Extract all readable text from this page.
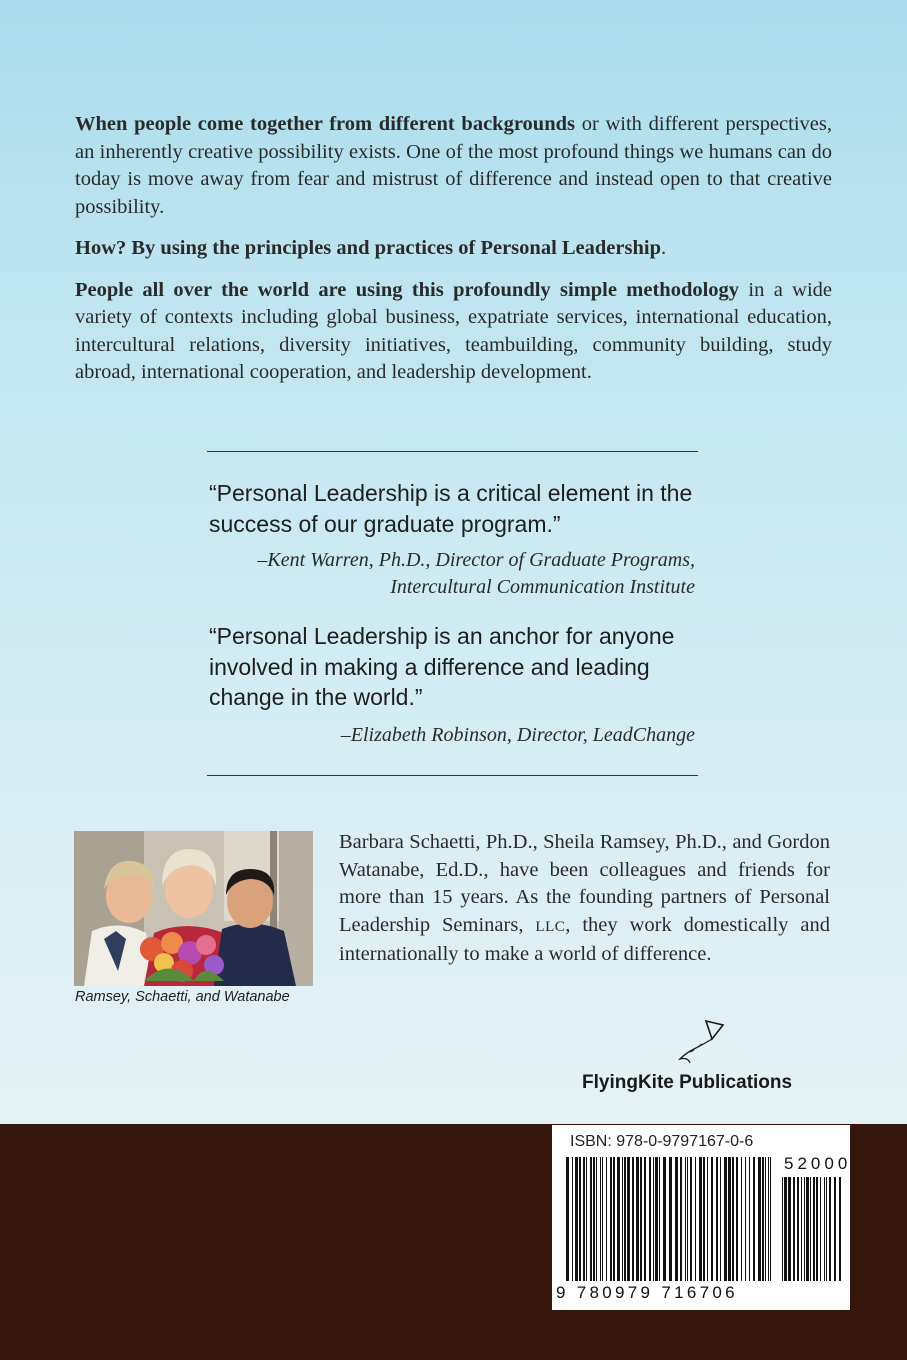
When people come together from different backgrounds or with different perspectives, an inherently creative possibility exists. One of the most profound things we humans can do today is move away from fear and mistrust of difference and instead open to that creative possibility.

How? By using the principles and practices of Personal Leadership.

People all over the world are using this profoundly simple methodology in a wide variety of contexts including global business, expatriate services, international education, intercultural relations, diversity initiatives, teambuilding, community building, study abroad, international cooperation, and leadership development.

“Personal Leadership is a critical element in the success of our graduate program.”

–Kent Warren, Ph.D., Director of Graduate Programs,

Intercultural Communication Institute

“Personal Leadership is an anchor for anyone involved in making a difference and leading change in the world.”

–Elizabeth Robinson, Director, LeadChange

Ramsey, Schaetti, and Watanabe
Barbara Schaetti, Ph.D., Sheila Ramsey, Ph.D., and Gordon Watanabe, Ed.D., have been colleagues and friends for more than 15 years. As the founding partners of Personal Leadership Seminars, LLC, they work domestically and internationally to make a world of difference.
FlyingKite Publications
ISBN: 978-0-9797167-0-6
52000
9 780979 716706
